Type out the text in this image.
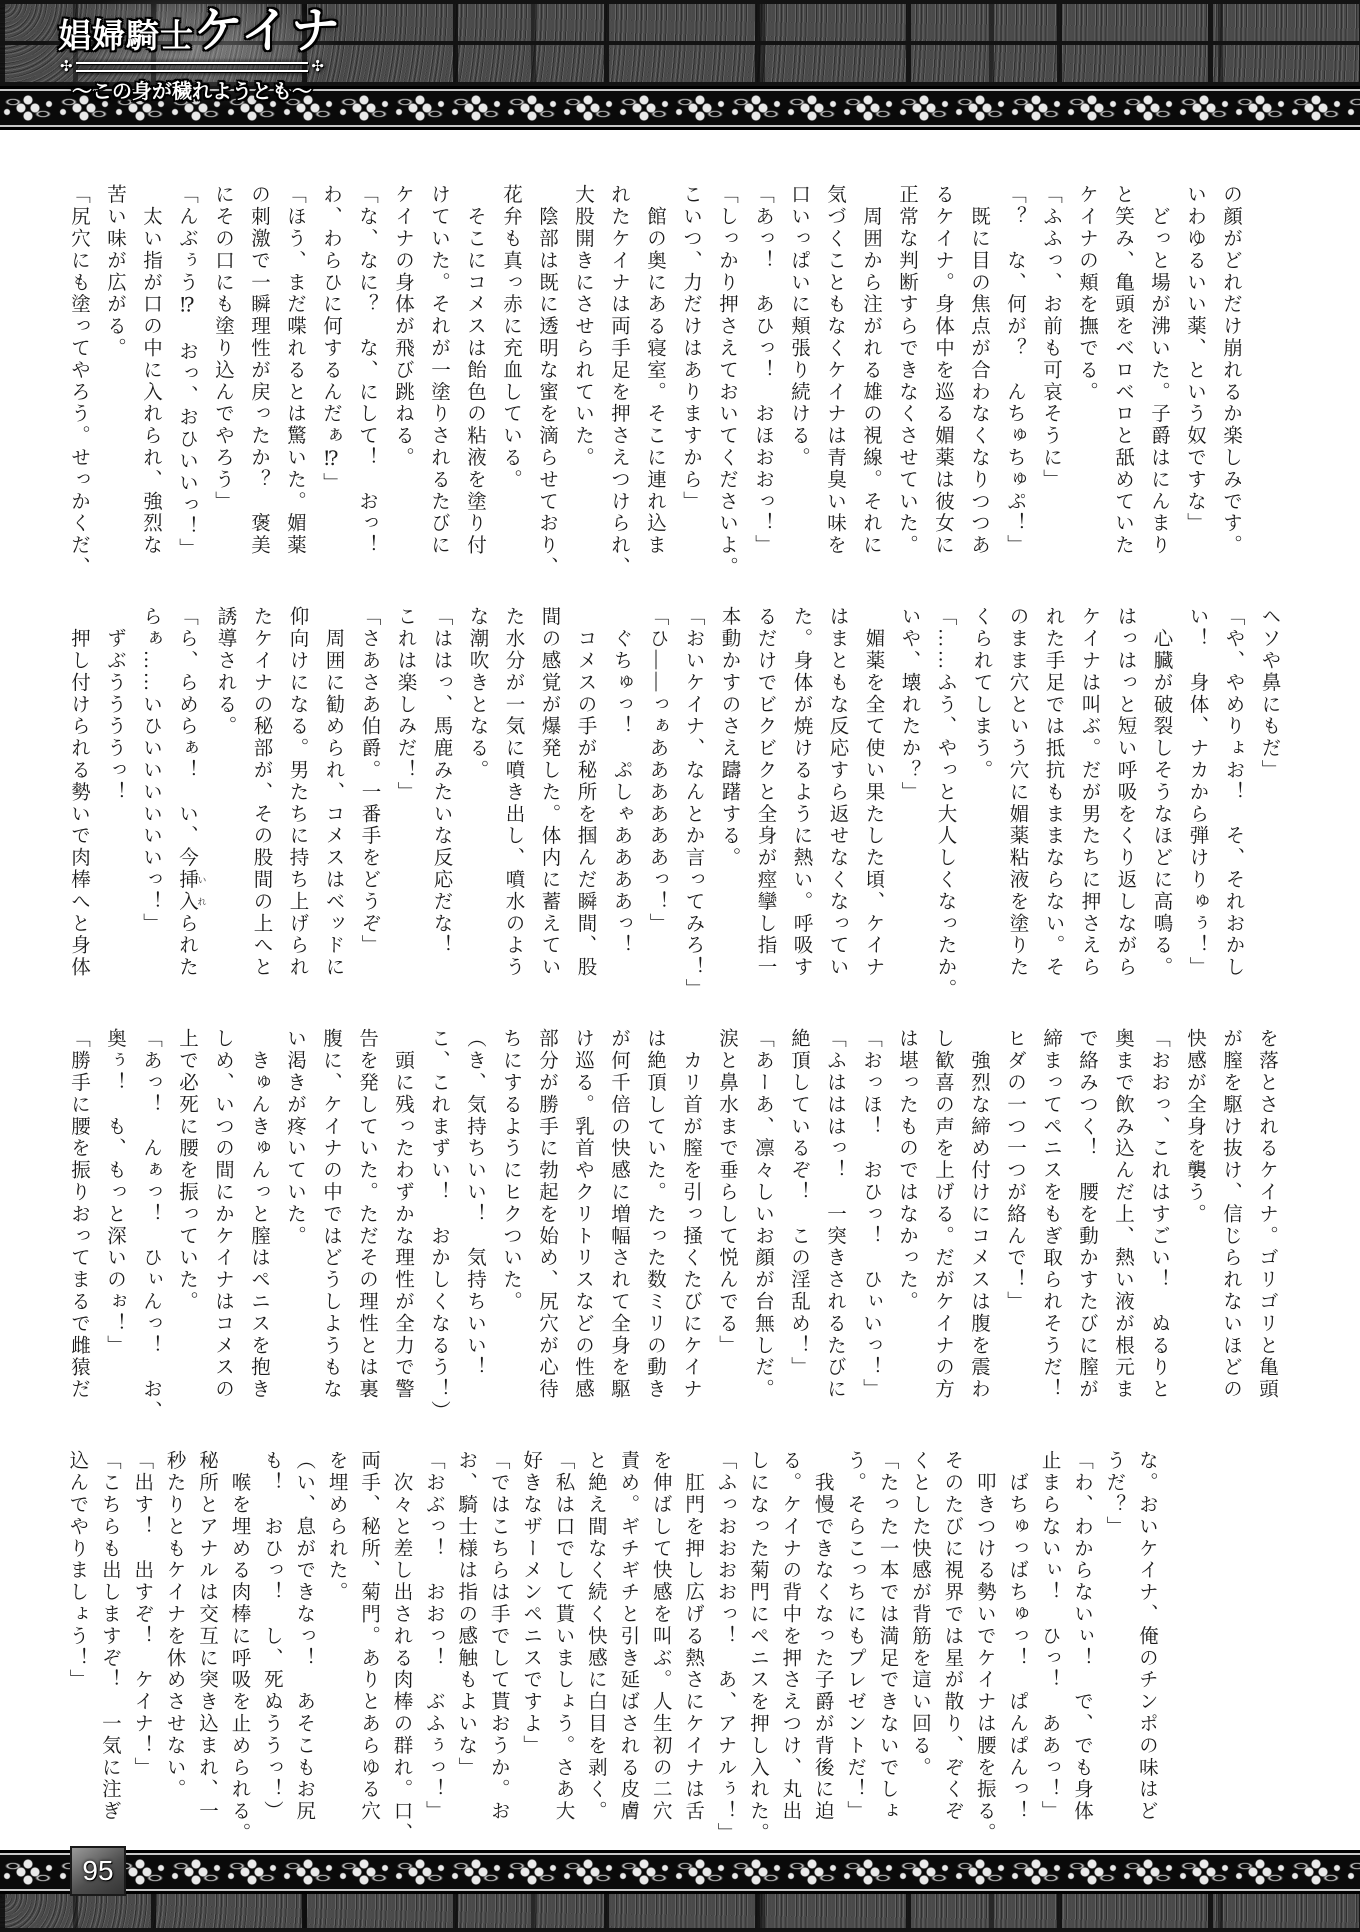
娼婦騎士ケイナ
✣	✣
〜この身が穢れようとも〜
の顔がどれだけ崩れるか楽しみです。
いわゆるいい薬、という奴ですな」
　どっと場が沸いた。子爵はにんまり
と笑み、亀頭をベロベロと舐めていた
ケイナの頬を撫でる。
「ふふっ、お前も可哀そうに」
「？　な、何が？　んちゅちゅぷ！」
　既に目の焦点が合わなくなりつつあ
るケイナ。身体中を巡る媚薬は彼女に
正常な判断すらできなくさせていた。
　周囲から注がれる雄の視線。それに
気づくこともなくケイナは青臭い味を
口いっぱいに頬張り続ける。
「あっ！　あひっ！　おほおおっ！」
「しっかり押さえておいてくださいよ。
こいつ、力だけはありますから」
　館の奥にある寝室。そこに連れ込ま
れたケイナは両手足を押さえつけられ、
大股開きにさせられていた。
　陰部は既に透明な蜜を滴らせており、
花弁も真っ赤に充血している。
　そこにコメスは飴色の粘液を塗り付
けていた。それが一塗りされるたびに
ケイナの身体が飛び跳ねる。
「な、なに？　な、にして！　おっ！
わ、わらひに何するんだぁ⁉」
「ほう、まだ喋れるとは驚いた。媚薬
の刺激で一瞬理性が戻ったか？　褒美
にその口にも塗り込んでやろう」
「んぶぅう⁉　おっ、おひいいっ！」
　太い指が口の中に入れられ、強烈な
苦い味が広がる。
「尻穴にも塗ってやろう。せっかくだ、
ヘソや鼻にもだ」
「や、やめりょお！　そ、それおかし
い！　身体、ナカから弾けりゅぅ！」
　心臓が破裂しそうなほどに高鳴る。
はっはっと短い呼吸をくり返しながら
ケイナは叫ぶ。だが男たちに押さえら
れた手足では抵抗もままならない。そ
のまま穴という穴に媚薬粘液を塗りた
くられてしまう。
「……ふう、やっと大人しくなったか。
いや、壊れたか？」
　媚薬を全て使い果たした頃、ケイナ
はまともな反応すら返せなくなってい
た。身体が焼けるように熱い。呼吸す
るだけでビクビクと全身が痙攣し指一
本動かすのさえ躊躇する。
「おいケイナ、なんとか言ってみろ！」
「ひ――っぁああああああっ！」
　ぐちゅっ！　ぷしゃああああっ！
　コメスの手が秘所を掴んだ瞬間、股
間の感覚が爆発した。体内に蓄えてい
た水分が一気に噴き出し、噴水のよう
な潮吹きとなる。
「ははっ、馬鹿みたいな反応だな！
これは楽しみだ！」
「さあさあ伯爵。一番手をどうぞ」
　周囲に勧められ、コメスはベッドに
仰向けになる。男たちに持ち上げられ
たケイナの秘部が、その股間の上へと
誘導される。
「ら、らめらぁ！　い、今挿入 いれられた
らぁ……いひいいいいいいっ！」
　ずぶううううっ！
　押し付けられる勢いで肉棒へと身体
を落とされるケイナ。ゴリゴリと亀頭
が膣を駆け抜け、信じられないほどの
快感が全身を襲う。
「おおっ、これはすごい！　ぬるりと
奥まで飲み込んだ上、熱い液が根元ま
で絡みつく！　腰を動かすたびに膣が
締まってペニスをもぎ取られそうだ！
ヒダの一つ一つが絡んで！」
　強烈な締め付けにコメスは腹を震わ
し歓喜の声を上げる。だがケイナの方
は堪ったものではなかった。
「おっほ！　おひっ！　ひぃいっ！」
「ふはははっ！　一突きされるたびに
絶頂しているぞ！　この淫乱め！」
「あーあ、凛々しいお顔が台無しだ。
涙と鼻水まで垂らして悦んでる」
　カリ首が膣を引っ掻くたびにケイナ
は絶頂していた。たった数ミリの動き
が何千倍の快感に増幅されて全身を駆
け巡る。乳首やクリトリスなどの性感
部分が勝手に勃起を始め、尻穴が心待
ちにするようにヒクついた。
（き、気持ちいい！　気持ちいい！
こ、これまずい！　おかしくなるう！）
　頭に残ったわずかな理性が全力で警
告を発していた。ただその理性とは裏
腹に、ケイナの中ではどうしようもな
い渇きが疼いていた。
　きゅんきゅんっと膣はペニスを抱き
しめ、いつの間にかケイナはコメスの
上で必死に腰を振っていた。
「あっ！　んぁっ！　ひぃんっ！　お、
奥ぅ！　も、もっと深いのぉ！」
「勝手に腰を振りおってまるで雌猿だ
な。おいケイナ、俺のチンポの味はど
うだ？」
「わ、わからないぃ！　で、でも身体
止まらないぃ！　ひっ！　ああっ！」
　ばちゅっばちゅっ！　ぱんぱんっ！
　叩きつける勢いでケイナは腰を振る。
そのたびに視界では星が散り、ぞくぞ
くとした快感が背筋を這い回る。
「たった一本では満足できないでしょ
う。そらこっちにもプレゼントだ！」
　我慢できなくなった子爵が背後に迫
る。ケイナの背中を押さえつけ、丸出
しになった菊門にペニスを押し入れた。
「ふっおおおおっ！　あ、アナルぅ！」
　肛門を押し広げる熱さにケイナは舌
を伸ばして快感を叫ぶ。人生初の二穴
責め。ギチギチと引き延ばされる皮膚
と絶え間なく続く快感に白目を剥く。
「私は口でして貰いましょう。さあ大
好きなザーメンペニスですよ」
「ではこちらは手でして貰おうか。お
お、騎士様は指の感触もよいな」
「おぶっ！　おおっ！　ぶふぅっ！」
　次々と差し出される肉棒の群れ。口、
両手、秘所、菊門。ありとあらゆる穴
を埋められた。
（い、息ができなっ！　あそこもお尻
も！　おひっ！　し、死ぬううっ！）
　喉を埋める肉棒に呼吸を止められる。
秘所とアナルは交互に突き込まれ、一
秒たりともケイナを休めさせない。
「出す！　出すぞ！　ケイナ！」
「こちらも出しますぞ！　一気に注ぎ
込んでやりましょう！」
95
